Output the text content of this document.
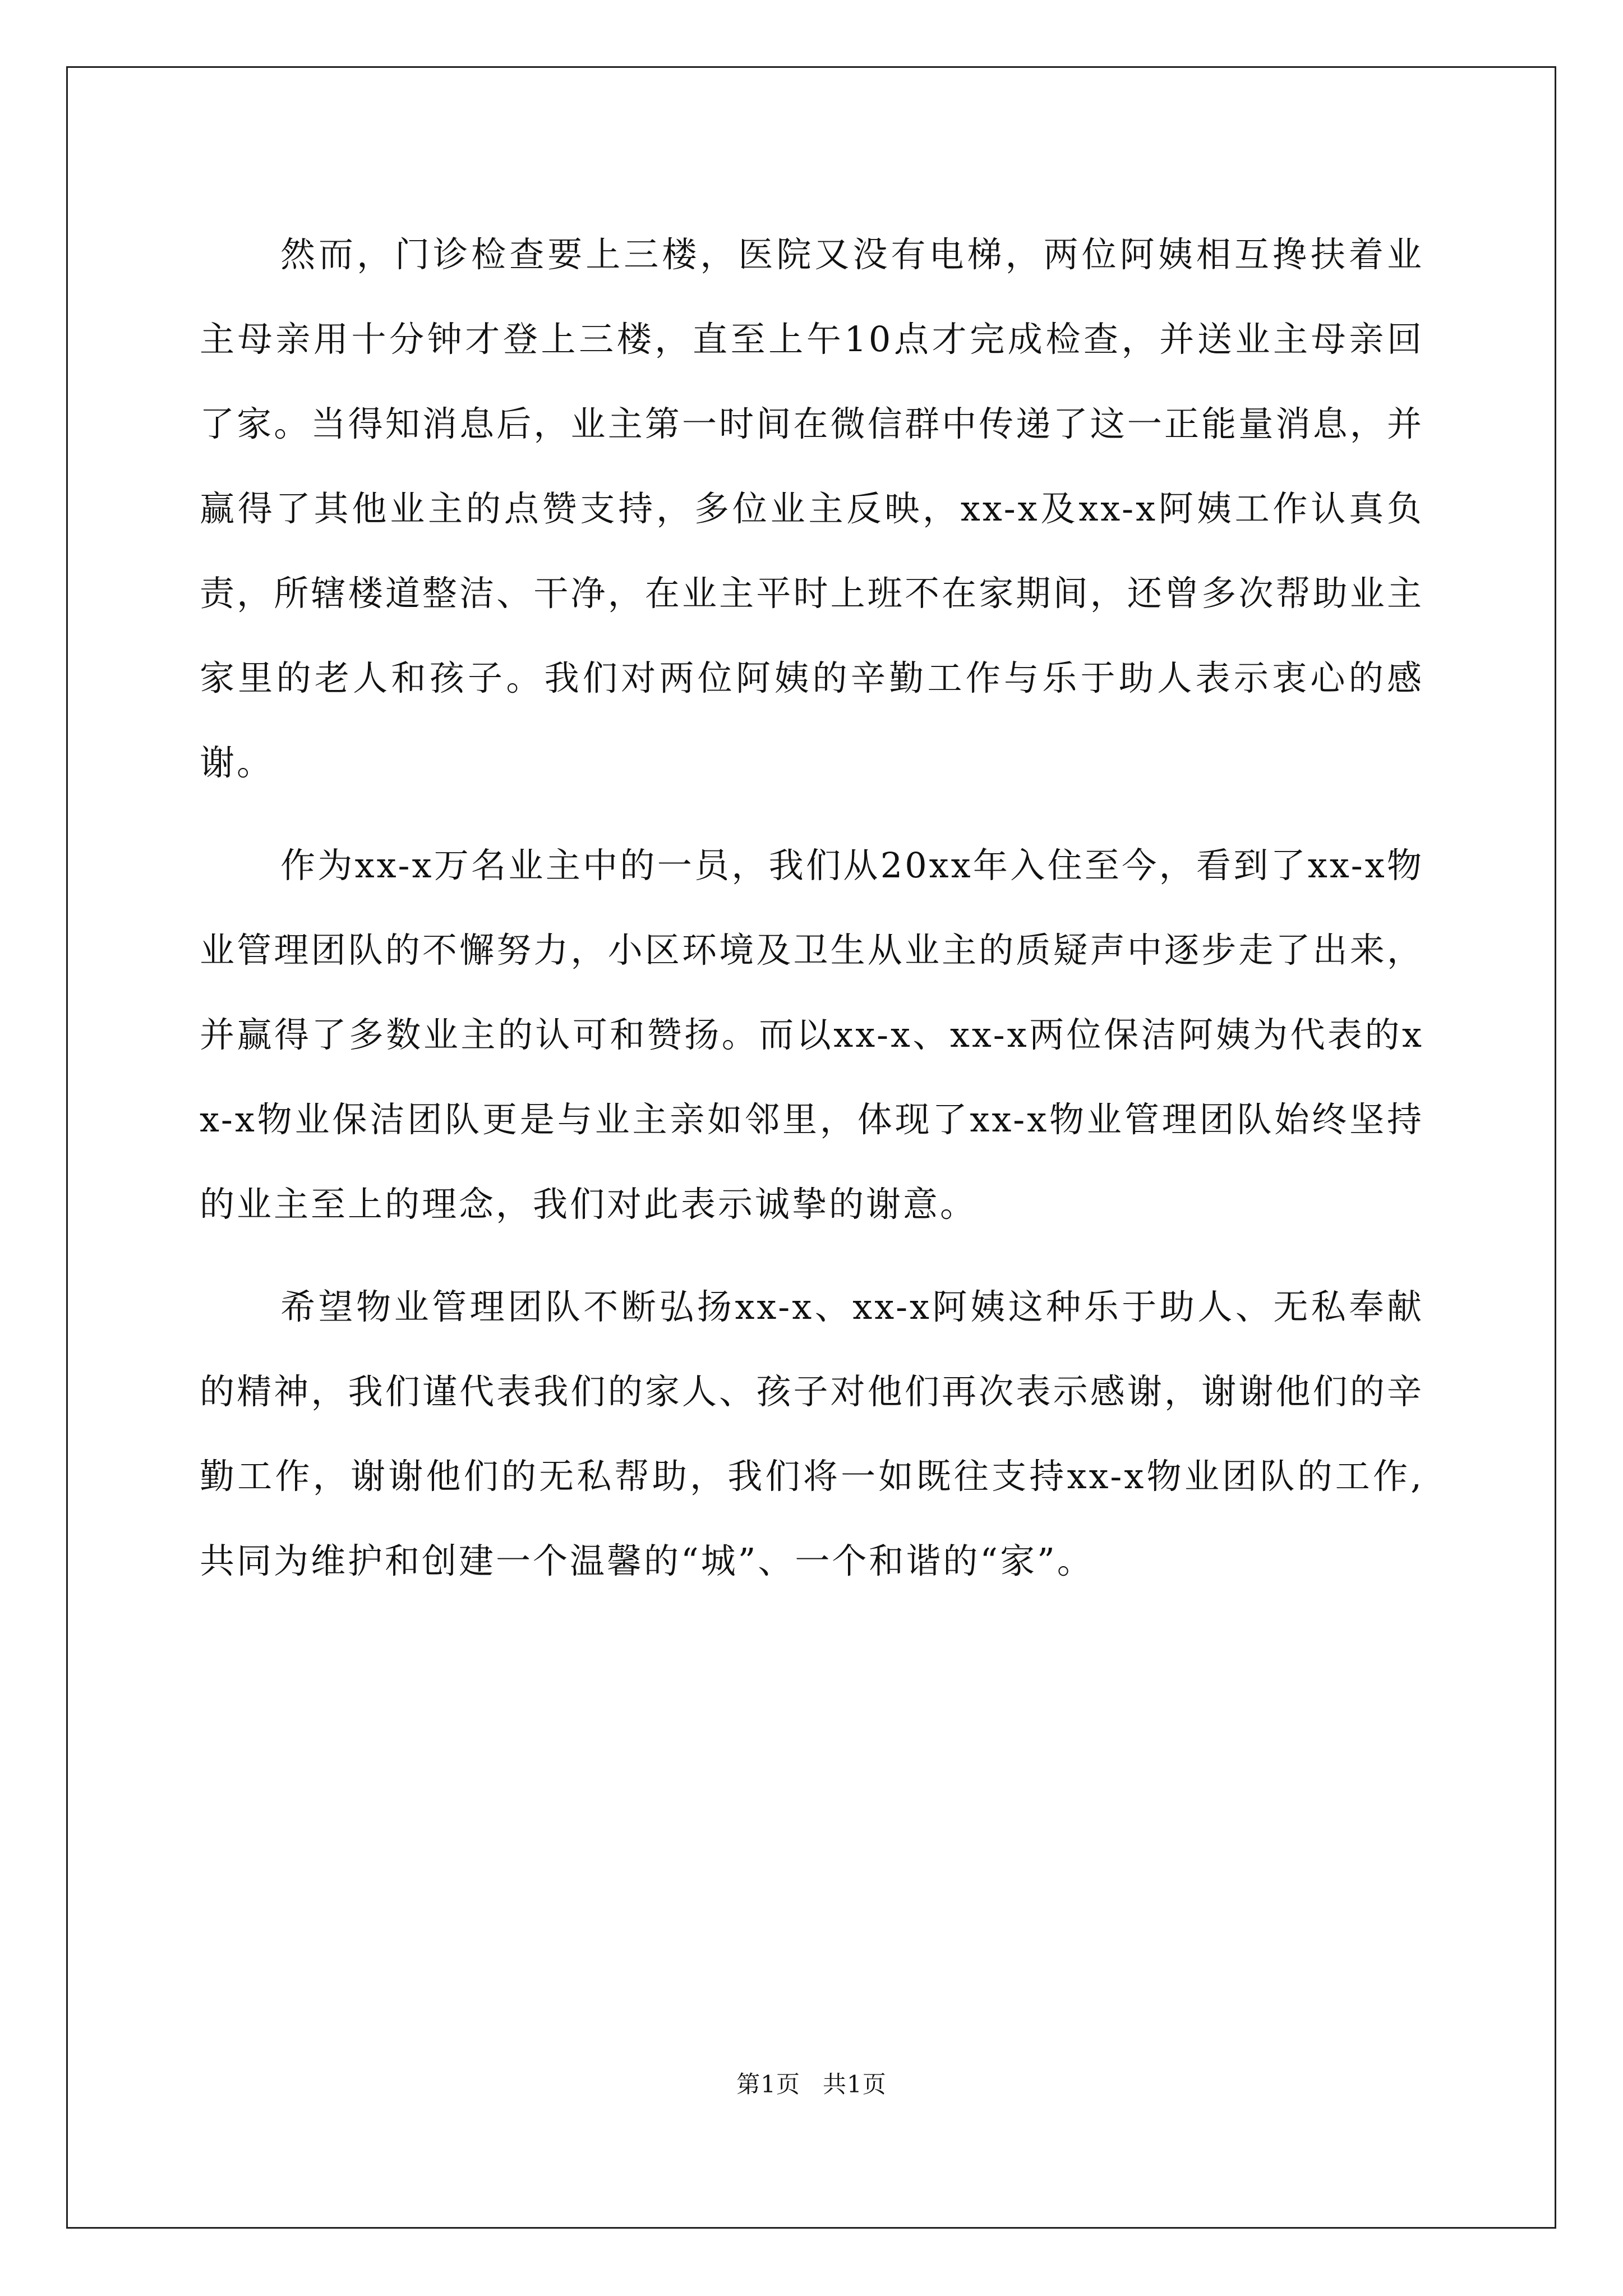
然而，门诊检查要上三楼，医院又没有电梯，两位阿姨相互搀扶着业主母亲用十分钟才登上三楼，直至上午10点才完成检查，并送业主母亲回了家。当得知消息后，业主第一时间在微信群中传递了这一正能量消息，并赢得了其他业主的点赞支持，多位业主反映，xx-x及xx-x阿姨工作认真负责，所辖楼道整洁、干净，在业主平时上班不在家期间，还曾多次帮助业主家里的老人和孩子。我们对两位阿姨的辛勤工作与乐于助人表示衷心的感谢。

作为xx-x万名业主中的一员，我们从20xx年入住至今，看到了xx-x物业管理团队的不懈努力，小区环境及卫生从业主的质疑声中逐步走了出来，并赢得了多数业主的认可和赞扬。而以xx-x、xx-x两位保洁阿姨为代表的xx-x物业保洁团队更是与业主亲如邻里，体现了xx-x物业管理团队始终坚持的业主至上的理念，我们对此表示诚挚的谢意。

希望物业管理团队不断弘扬xx-x、xx-x阿姨这种乐于助人、无私奉献的精神，我们谨代表我们的家人、孩子对他们再次表示感谢，谢谢他们的辛勤工作，谢谢他们的无私帮助，我们将一如既往支持xx-x物业团队的工作,共同为维护和创建一个温馨的“城”、一个和谐的“家”。

第1页 共1页
